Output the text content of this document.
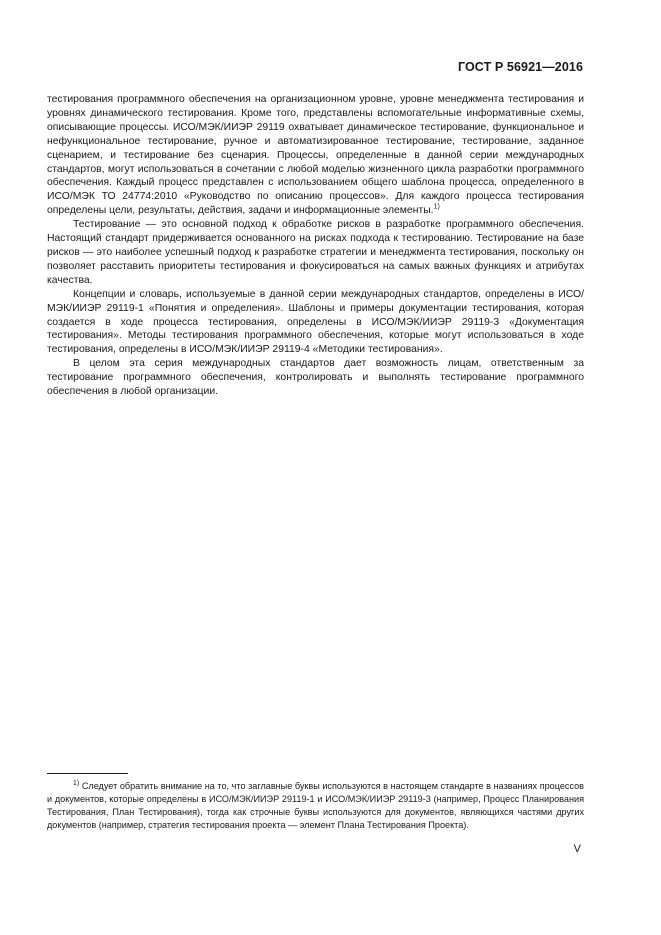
ГОСТ Р 56921—2016

тестирования программного обеспечения на организационном уровне, уровне менеджмента тестирования и уровнях динамического тестирования. Кроме того, представлены вспомогательные информативные схемы, описывающие процессы. ИСО/МЭК/ИИЭР 29119 охватывает динамическое тестирование, функциональное и нефункциональное тестирование, ручное и автоматизированное тестирование, тестирование, заданное сценарием, и тестирование без сценария. Процессы, определенные в данной серии международных стандартов, могут использоваться в сочетании с любой моделью жизненного цикла разработки программного обеспечения. Каждый процесс представлен с использованием общего шаблона процесса, определенного в ИСО/МЭК ТО 24774:2010 «Руководство по описанию процессов». Для каждого процесса тестирования определены цели, результаты, действия, задачи и информационные элементы.$^{1)}$

Тестирование — это основной подход к обработке рисков в разработке программного обеспечения. Настоящий стандарт придерживается основанного на рисках подхода к тестированию. Тестирование на базе рисков — это наиболее успешный подход к разработке стратегии и менеджмента тестирования, поскольку он позволяет расставить приоритеты тестирования и фокусироваться на самых важных функциях и атрибутах качества.

Концепции и словарь, используемые в данной серии международных стандартов, определены в ИСО/МЭК/ИИЭР 29119-1 «Понятия и определения». Шаблоны и примеры документации тестирования, которая создается в ходе процесса тестирования, определены в ИСО/МЭК/ИИЭР 29119-3 «Документация тестирования». Методы тестирования программного обеспечения, которые могут использоваться в ходе тестирования, определены в ИСО/МЭК/ИИЭР 29119-4 «Методики тестирования».

В целом эта серия международных стандартов дает возможность лицам, ответственным за тестирование программного обеспечения, контролировать и выполнять тестирование программного обеспечения в любой организации.

$^{1)}$ Следует обратить внимание на то, что заглавные буквы используются в настоящем стандарте в названиях процессов и документов, которые определены в ИСО/МЭК/ИИЭР 29119-1 и ИСО/МЭК/ИИЭР 29119-3 (например, Процесс Планирования Тестирования, План Тестирования), тогда как строчные буквы используются для документов, являющихся частями других документов (например, стратегия тестирования проекта — элемент Плана Тестирования Проекта).

V
